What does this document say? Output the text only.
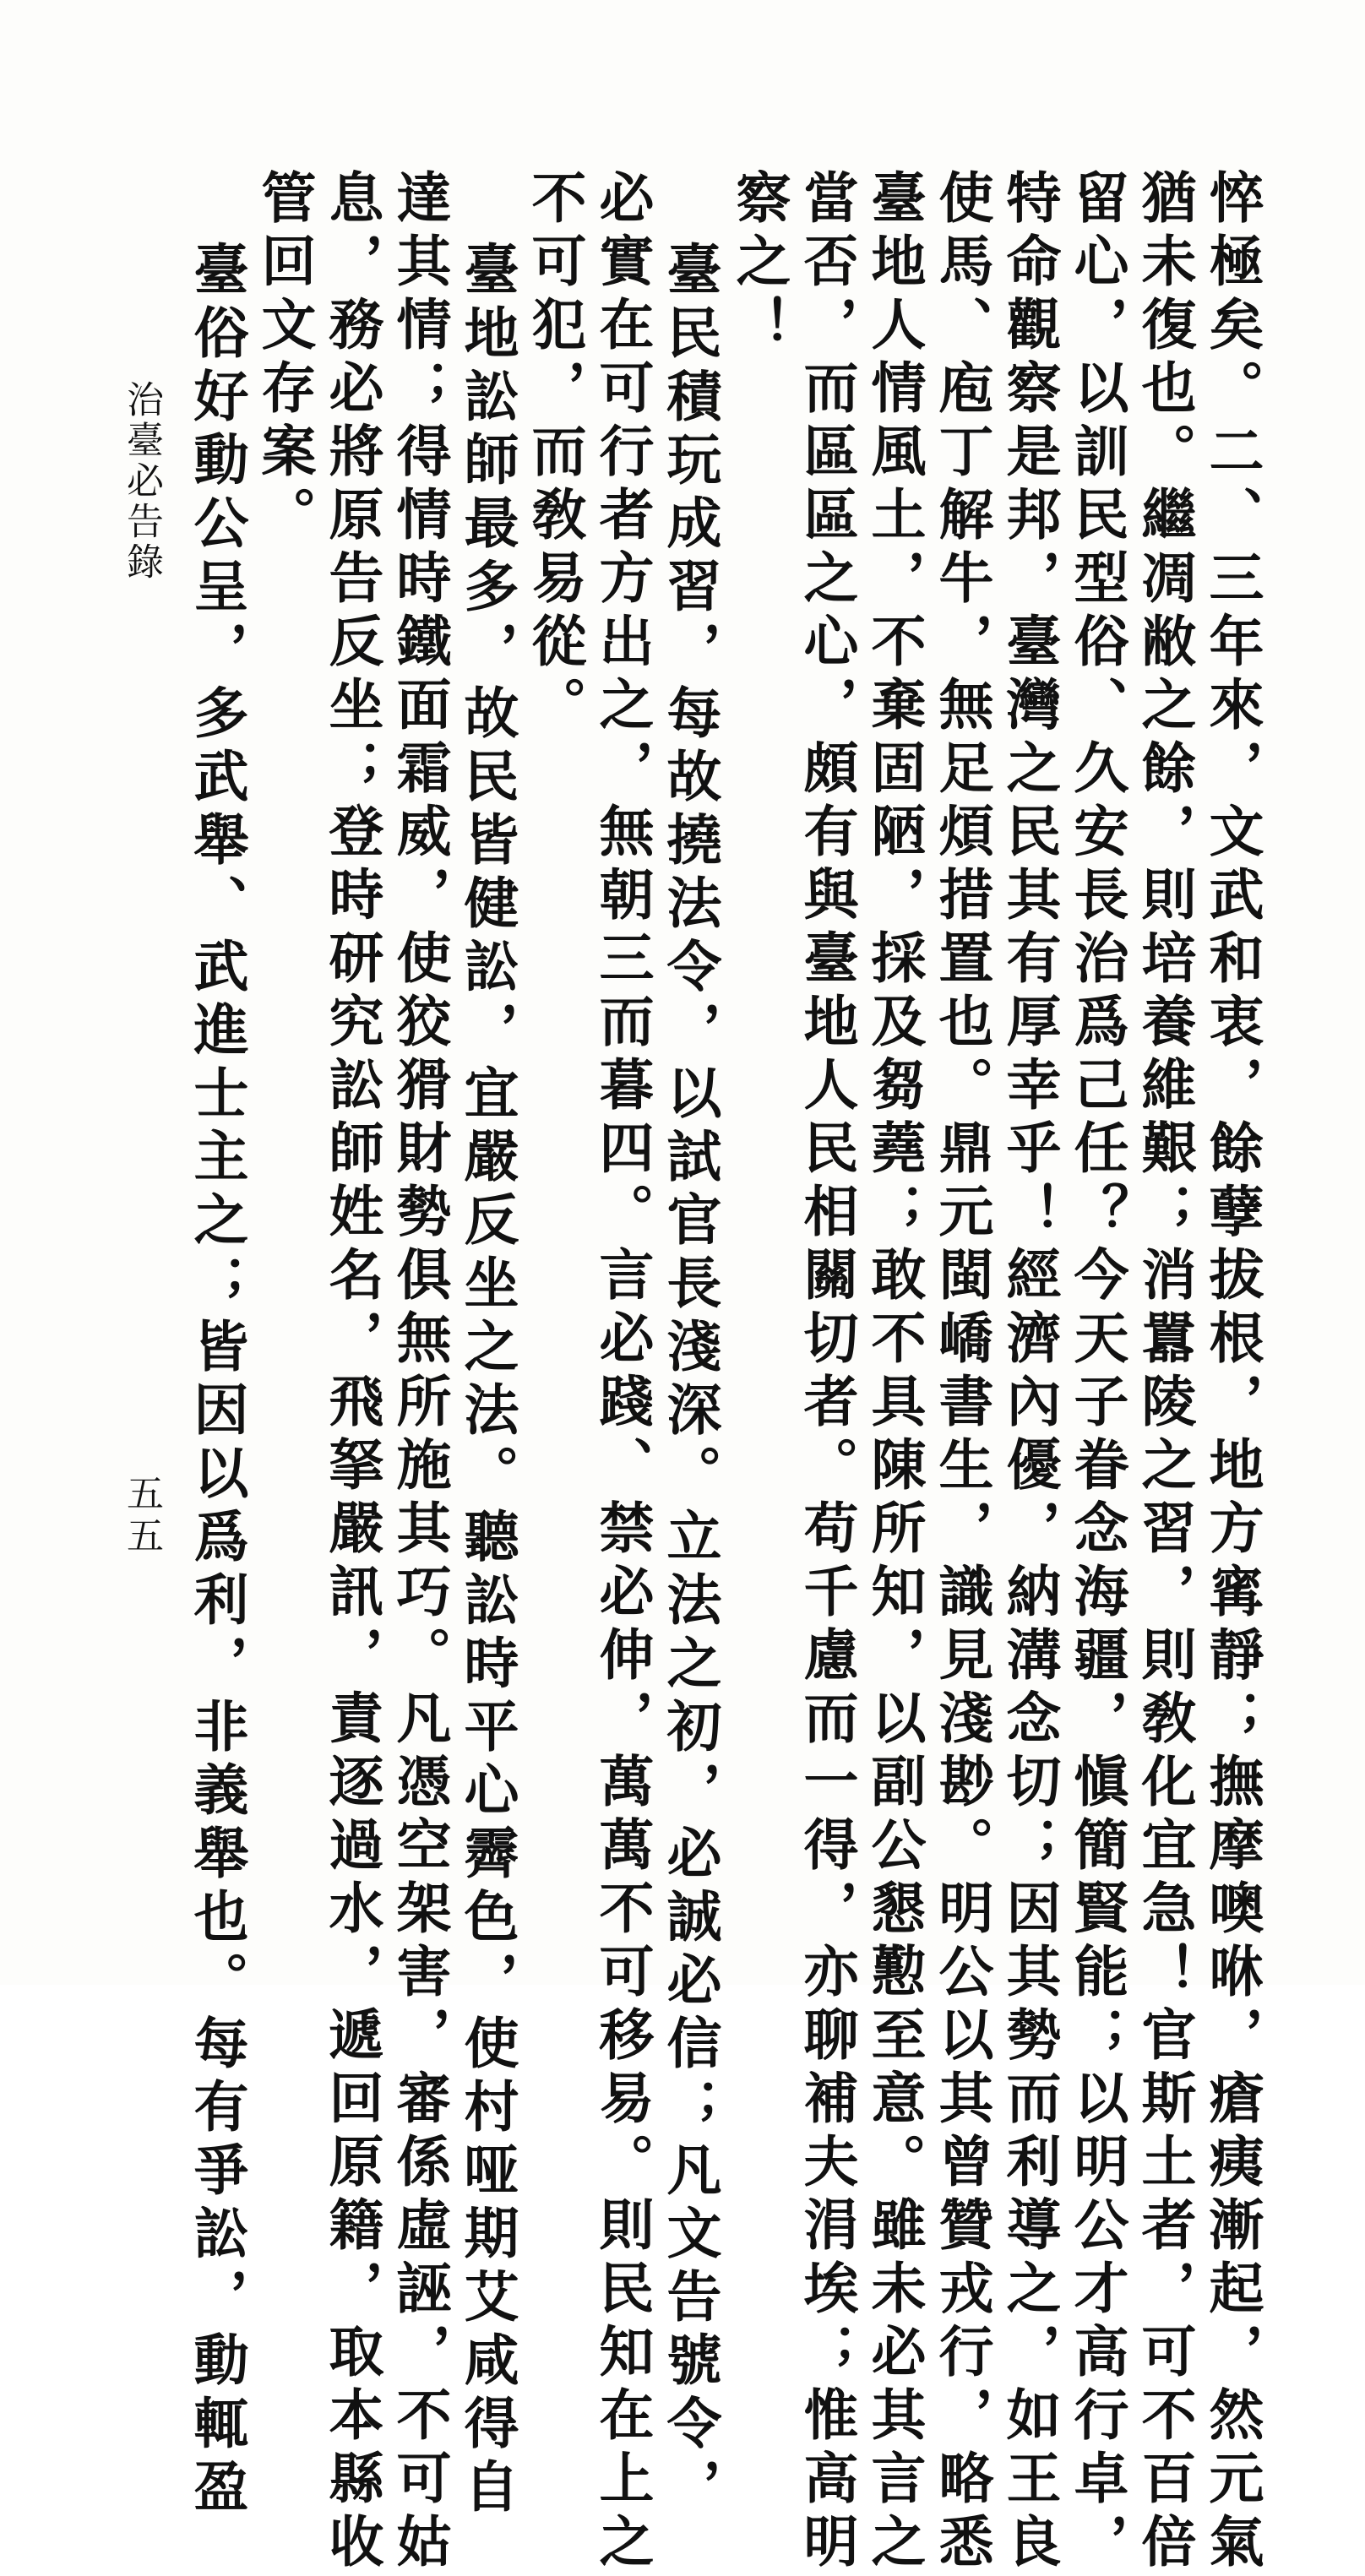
悴極矣。二、三年來，文武和衷，餘孽拔根，地方寗靜；撫摩噢咻，瘡痍漸起，然元氣
猶未復也。繼凋敝之餘，則培養維艱；消囂陵之習，則敎化宜急！官斯土者，可不百倍
留心，以訓民型俗、久安長治爲己任？今天子眷念海疆，愼簡賢能；以明公才高行卓，
特命觀察是邦，臺灣之民其有厚幸乎！經濟內優，納溝念切；因其勢而利導之，如王良
使馬、庖丁解牛，無足煩措置也。鼎元閩嶠書生，識見淺尠。明公以其曾贊戎行，略悉
臺地人情風土，不棄固陋，採及芻蕘；敢不具陳所知，以副公懇懃至意。雖未必其言之
當否，而區區之心，頗有與臺地人民相關切者。苟千慮而一得，亦聊補夫涓埃；惟高明
察之！
臺民積玩成習，每故撓法令，以試官長淺深。立法之初，必誠必信；凡文告號令，
必實在可行者方出之，無朝三而暮四。言必踐、禁必伸，萬萬不可移易。則民知在上之
不可犯，而敎易從。
臺地訟師最多，故民皆健訟，宜嚴反坐之法。聽訟時平心霽色，使村哑期艾咸得自
達其情；得情時鐵面霜威，使狡猾財勢俱無所施其巧。凡憑空架害，審係虛誣，不可姑
息，務必將原告反坐；登時研究訟師姓名，飛拏嚴訊，責逐過水，遞回原籍，取本縣收
管回文存案。
臺俗好動公呈，多武舉、武進士主之；皆因以爲利，非義舉也。每有爭訟，動輒盈
治臺必告錄
五五
